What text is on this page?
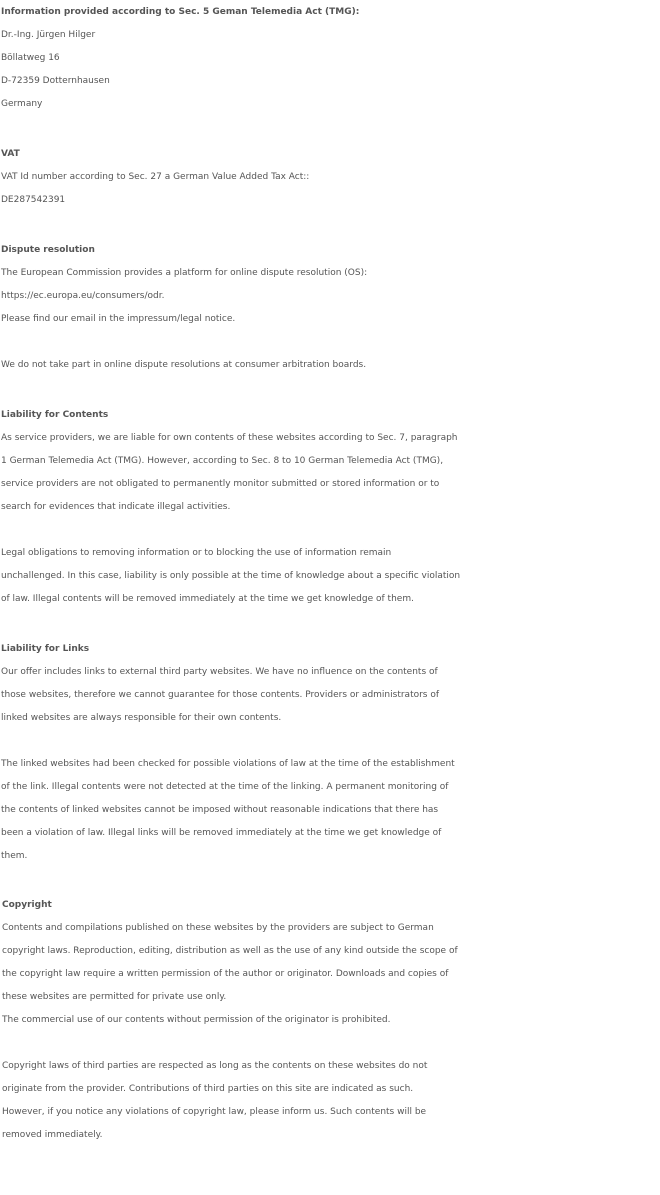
Information provided according to Sec. 5 Geman Telemedia Act (TMG):
Dr.-Ing. Jürgen Hilger
Böllatweg 16
D-72359 Dotternhausen
Germany
VAT
VAT Id number according to Sec. 27 a German Value Added Tax Act::
DE287542391
Dispute resolution
The European Commission provides a platform for online dispute resolution (OS):
https://ec.europa.eu/consumers/odr.
Please find our email in the impressum/legal notice.
We do not take part in online dispute resolutions at consumer arbitration boards.
Liability for Contents
As service providers, we are liable for own contents of these websites according to Sec. 7, paragraph
1 German Telemedia Act (TMG). However, according to Sec. 8 to 10 German Telemedia Act (TMG),
service providers are not obligated to permanently monitor submitted or stored information or to
search for evidences that indicate illegal activities.
Legal obligations to removing information or to blocking the use of information remain
unchallenged. In this case, liability is only possible at the time of knowledge about a specific violation
of law. Illegal contents will be removed immediately at the time we get knowledge of them.
Liability for Links
Our offer includes links to external third party websites. We have no influence on the contents of
those websites, therefore we cannot guarantee for those contents. Providers or administrators of
linked websites are always responsible for their own contents.
The linked websites had been checked for possible violations of law at the time of the establishment
of the link. Illegal contents were not detected at the time of the linking. A permanent monitoring of
the contents of linked websites cannot be imposed without reasonable indications that there has
been a violation of law. Illegal links will be removed immediately at the time we get knowledge of
them.
Copyright
Contents and compilations published on these websites by the providers are subject to German
copyright laws. Reproduction, editing, distribution as well as the use of any kind outside the scope of
the copyright law require a written permission of the author or originator. Downloads and copies of
these websites are permitted for private use only.
The commercial use of our contents without permission of the originator is prohibited.
Copyright laws of third parties are respected as long as the contents on these websites do not
originate from the provider. Contributions of third parties on this site are indicated as such.
However, if you notice any violations of copyright law, please inform us. Such contents will be
removed immediately.
